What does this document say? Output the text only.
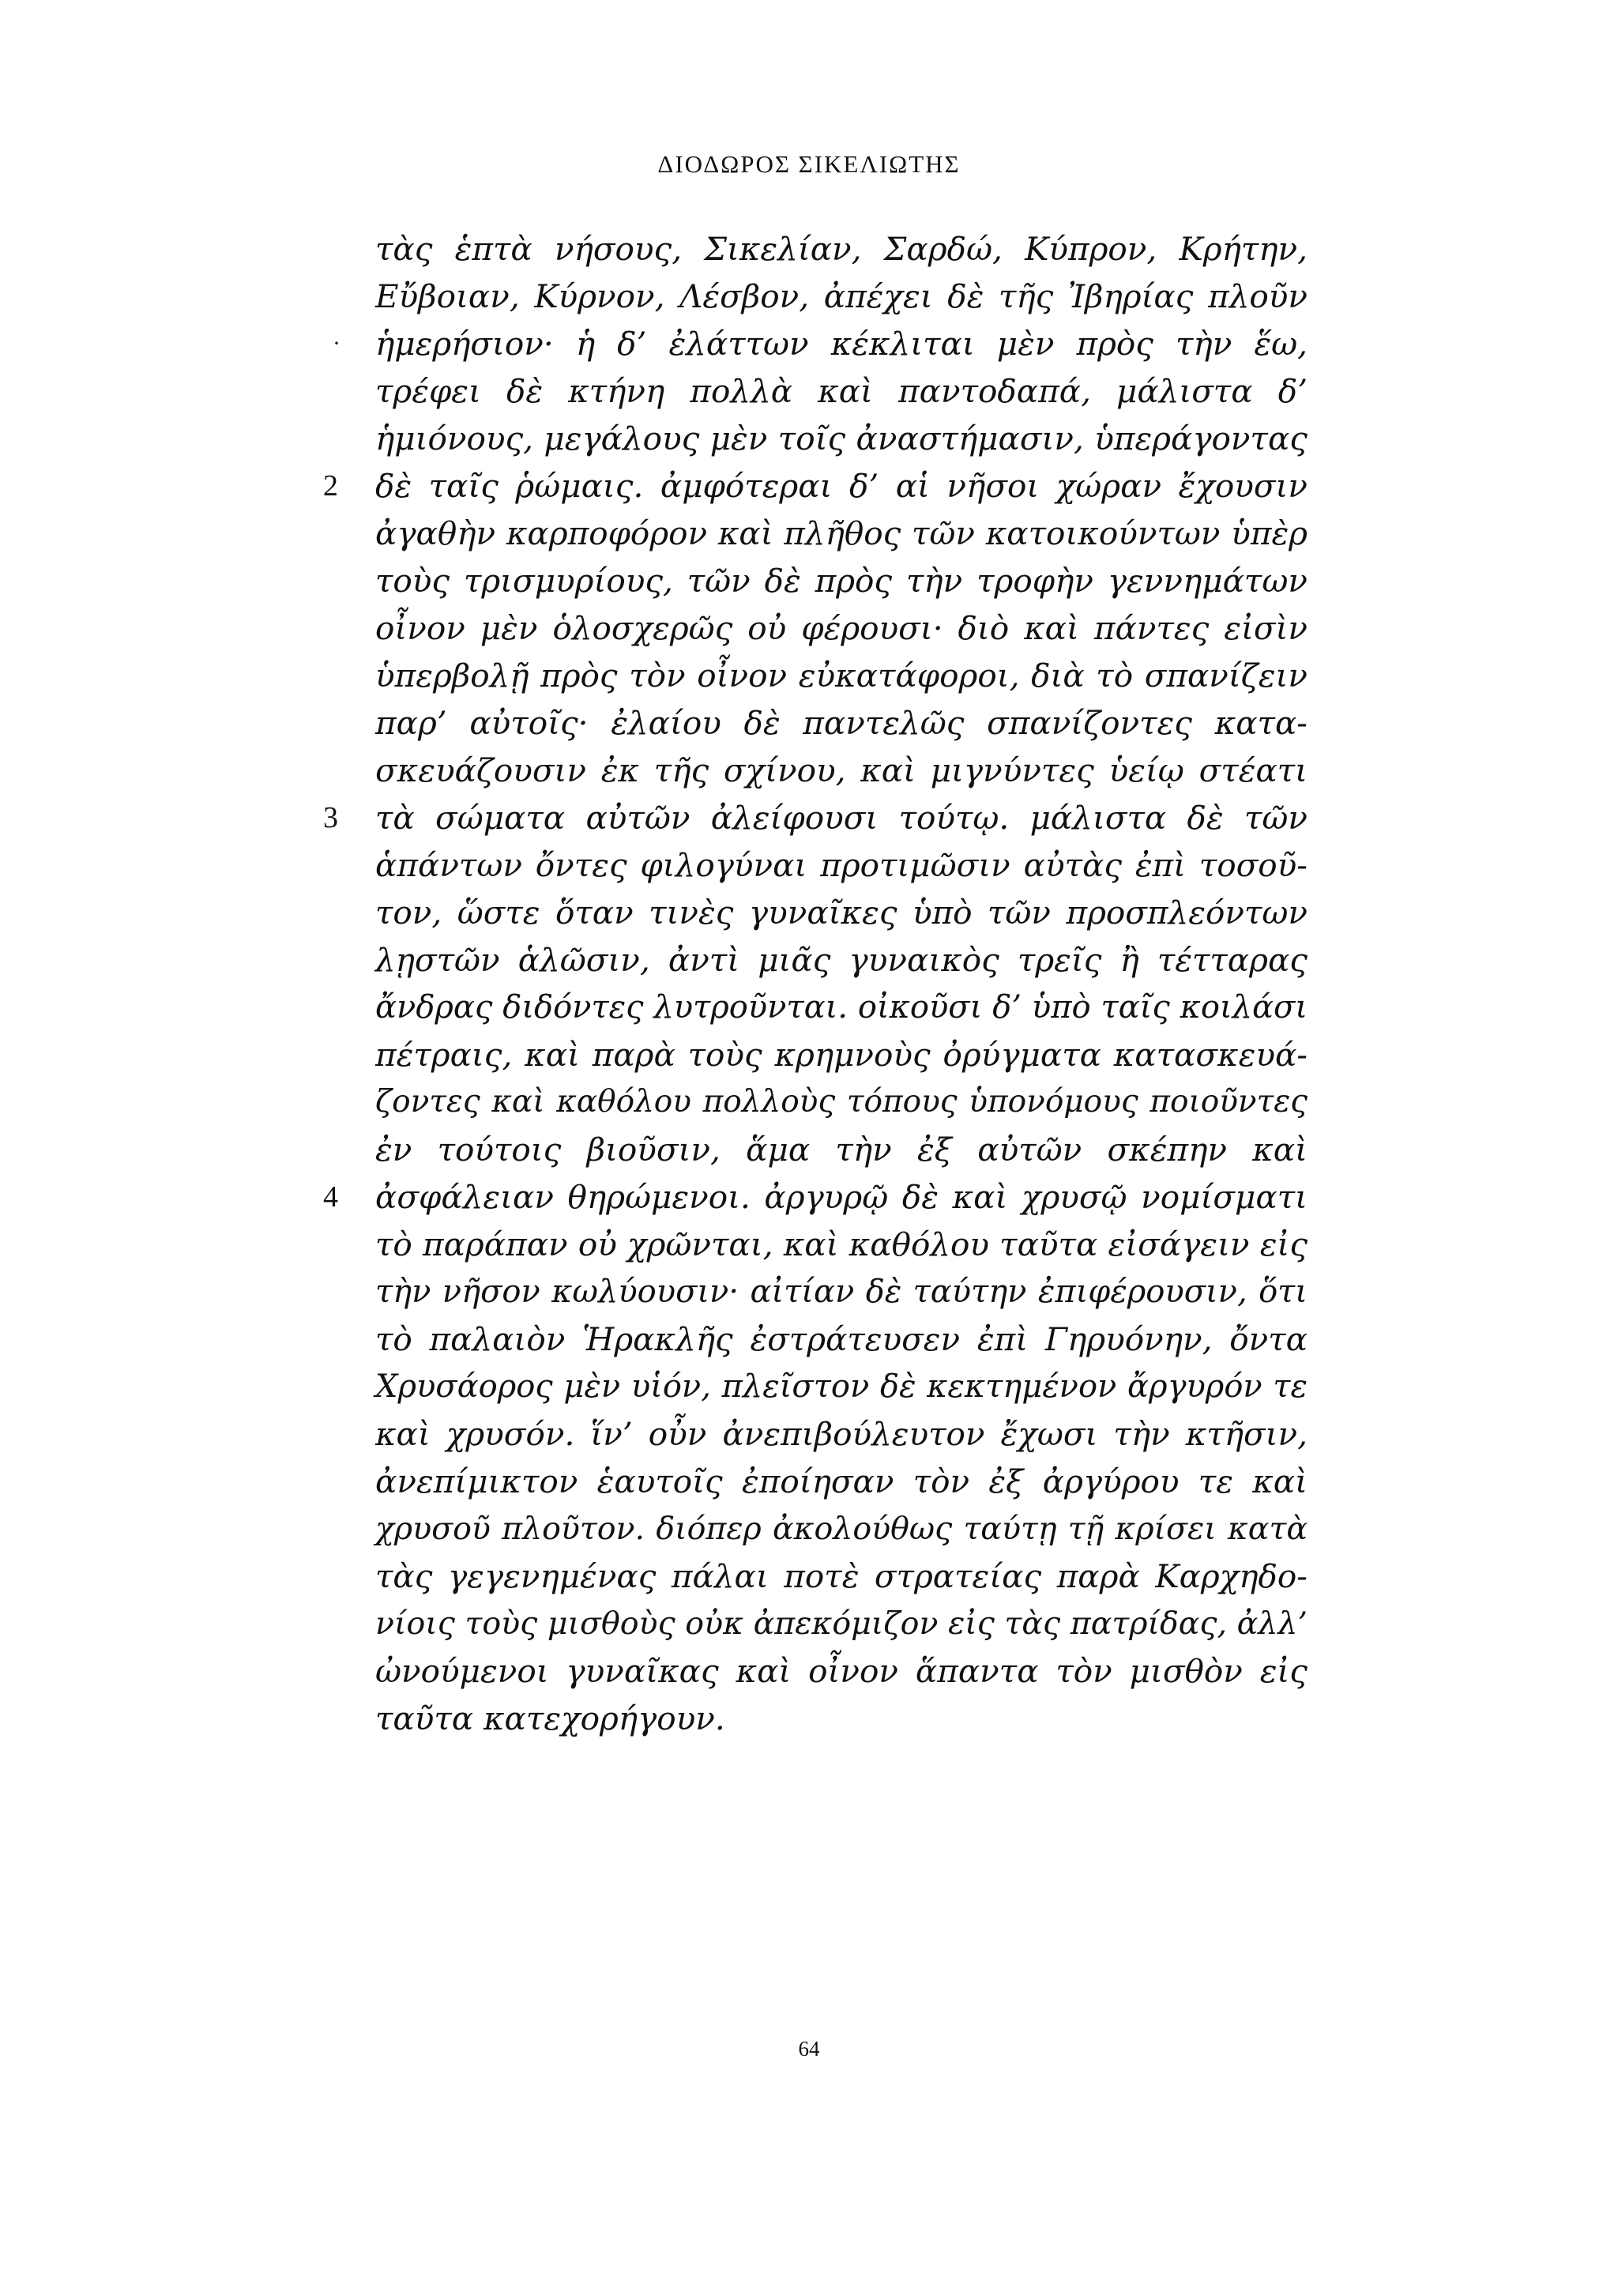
ΔΙΟΔΩΡΟΣ ΣΙΚΕΛΙΩΤΗΣ
τὰς ἑπτὰ νήσους, Σικελίαν, Σαρδώ, Κύπρον, Κρήτην,
Εὔβοιαν, Κύρνον, Λέσβον, ἀπέχει δὲ τῆς Ἰβηρίας πλοῦν
· ἡμερήσιον· ἡ δ’ ἐλάττων κέκλιται μὲν πρὸς τὴν ἕω,
τρέφει δὲ κτήνη πολλὰ καὶ παντοδαπά, μάλιστα δ’
ἡμιόνους, μεγάλους μὲν τοῖς ἀναστήμασιν, ὑπεράγοντας
2 δὲ ταῖς ῥώμαις. ἀμφότεραι δ’ αἱ νῆσοι χώραν ἔχουσιν
ἀγαθὴν καρποφόρον καὶ πλῆθος τῶν κατοικούντων ὑπὲρ
τοὺς τρισμυρίους, τῶν δὲ πρὸς τὴν τροφὴν γεννημάτων
οἶνον μὲν ὁλοσχερῶς οὐ φέρουσι· διὸ καὶ πάντες εἰσὶν
ὑπερβολῇ πρὸς τὸν οἶνον εὐκατάφοροι, διὰ τὸ σπανίζειν
παρ’ αὐτοῖς· ἐλαίου δὲ παντελῶς σπανίζοντες κατα-
σκευάζουσιν ἐκ τῆς σχίνου, καὶ μιγνύντες ὑείῳ στέατι
3 τὰ σώματα αὐτῶν ἀλείφουσι τούτῳ. μάλιστα δὲ τῶν
ἁπάντων ὄντες φιλογύναι προτιμῶσιν αὐτὰς ἐπὶ τοσοῦ-
τον, ὥστε ὅταν τινὲς γυναῖκες ὑπὸ τῶν προσπλεόντων
λῃστῶν ἁλῶσιν, ἀντὶ μιᾶς γυναικὸς τρεῖς ἢ τέτταρας
ἄνδρας διδόντες λυτροῦνται. οἰκοῦσι δ’ ὑπὸ ταῖς κοιλάσι
πέτραις, καὶ παρὰ τοὺς κρημνοὺς ὀρύγματα κατασκευά-
ζοντες καὶ καθόλου πολλοὺς τόπους ὑπονόμους ποιοῦντες
ἐν τούτοις βιοῦσιν, ἅμα τὴν ἐξ αὐτῶν σκέπην καὶ
4 ἀσφάλειαν θηρώμενοι. ἀργυρῷ δὲ καὶ χρυσῷ νομίσματι
τὸ παράπαν οὐ χρῶνται, καὶ καθόλου ταῦτα εἰσάγειν εἰς
τὴν νῆσον κωλύουσιν· αἰτίαν δὲ ταύτην ἐπιφέρουσιν, ὅτι
τὸ παλαιὸν Ἡρακλῆς ἐστράτευσεν ἐπὶ Γηρυόνην, ὄντα
Χρυσάορος μὲν υἱόν, πλεῖστον δὲ κεκτημένον ἄργυρόν τε
καὶ χρυσόν. ἵν’ οὖν ἀνεπιβούλευτον ἔχωσι τὴν κτῆσιν,
ἀνεπίμικτον ἑαυτοῖς ἐποίησαν τὸν ἐξ ἀργύρου τε καὶ
χρυσοῦ πλοῦτον. διόπερ ἀκολούθως ταύτῃ τῇ κρίσει κατὰ
τὰς γεγενημένας πάλαι ποτὲ στρατείας παρὰ Καρχηδο-
νίοις τοὺς μισθοὺς οὐκ ἀπεκόμιζον εἰς τὰς πατρίδας, ἀλλ’
ὠνούμενοι γυναῖκας καὶ οἶνον ἅπαντα τὸν μισθὸν εἰς
ταῦτα κατεχορήγουν.
64
